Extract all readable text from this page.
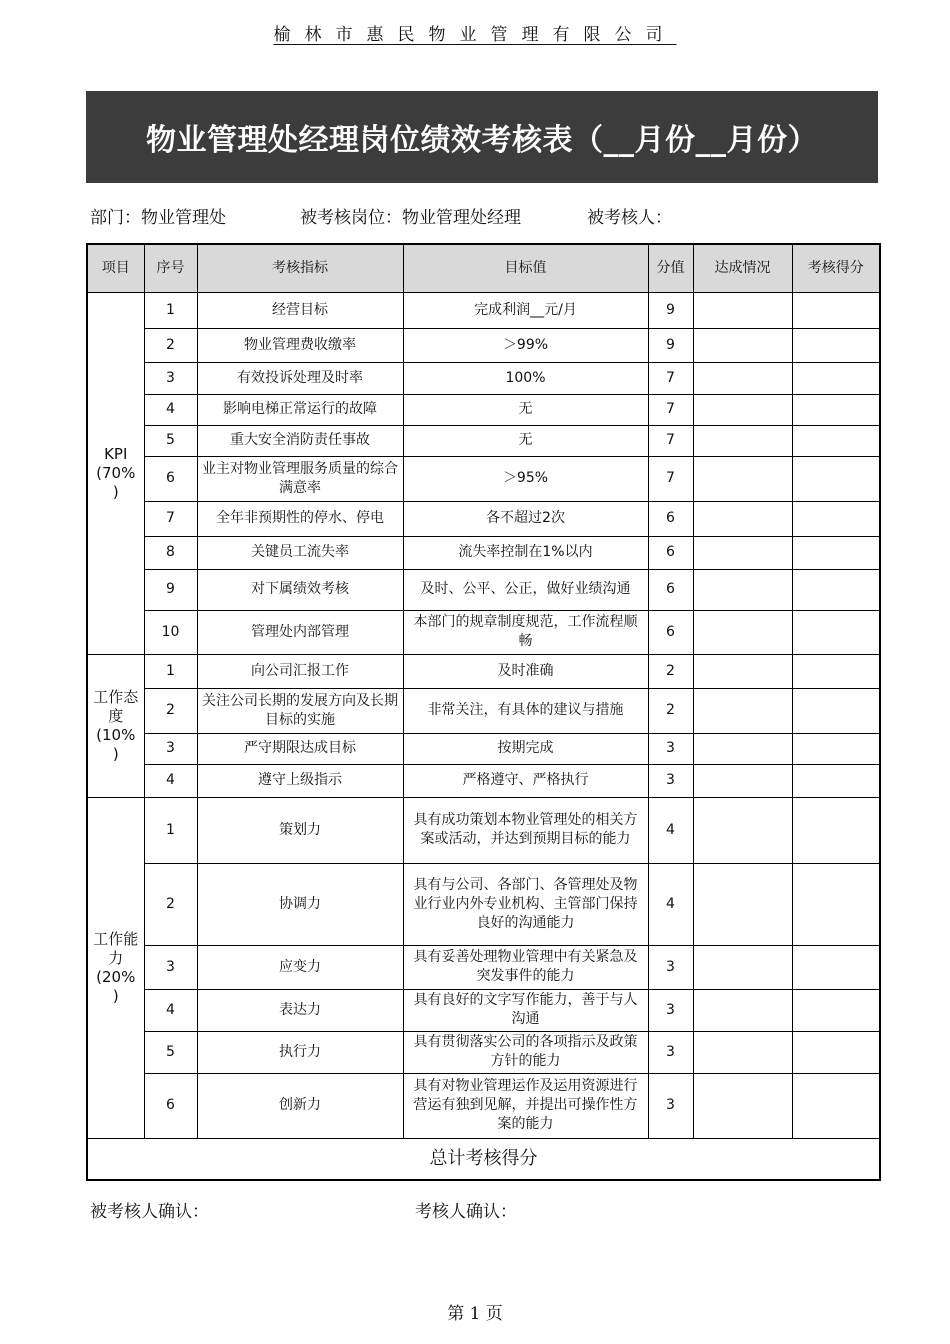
榆林市惠民物业管理有限公司
物业管理处经理岗位绩效考核表（__月份__月份）
部门：物业管理处	被考核岗位：物业管理处经理	被考核人：
项目	序号	考核指标	目标值	分值	达成情况	考核得分
KPI
(70%
)	1	经营目标	完成利润__元/月	9		
	2	物业管理费收缴率	＞99%	9		
	3	有效投诉处理及时率	100%	7		
	4	影响电梯正常运行的故障	无	7		
	5	重大安全消防责任事故	无	7		
	6	业主对物业管理服务质量的综合满意率	＞95%	7		
	7	全年非预期性的停水、停电	各不超过2次	6		
	8	关键员工流失率	流失率控制在1%以内	6		
	9	对下属绩效考核	及时、公平、公正，做好业绩沟通	6		
	10	管理处内部管理	本部门的规章制度规范，工作流程顺畅	6		
工作态
度
(10%
)	1	向公司汇报工作	及时准确	2		
	2	关注公司长期的发展方向及长期目标的实施	非常关注，有具体的建议与措施	2		
	3	严守期限达成目标	按期完成	3		
	4	遵守上级指示	严格遵守、严格执行	3		
工作能
力
(20%
)	1	策划力	具有成功策划本物业管理处的相关方案或活动，并达到预期目标的能力	4		
	2	协调力	具有与公司、各部门、各管理处及物业行业内外专业机构、主管部门保持良好的沟通能力	4		
	3	应变力	具有妥善处理物业管理中有关紧急及突发事件的能力	3		
	4	表达力	具有良好的文字写作能力，善于与人沟通	3		
	5	执行力	具有贯彻落实公司的各项指示及政策方针的能力	3		
	6	创新力	具有对物业管理运作及运用资源进行营运有独到见解，并提出可操作性方案的能力	3		
总计考核得分						
被考核人确认：	考核人确认：
第 1 页
